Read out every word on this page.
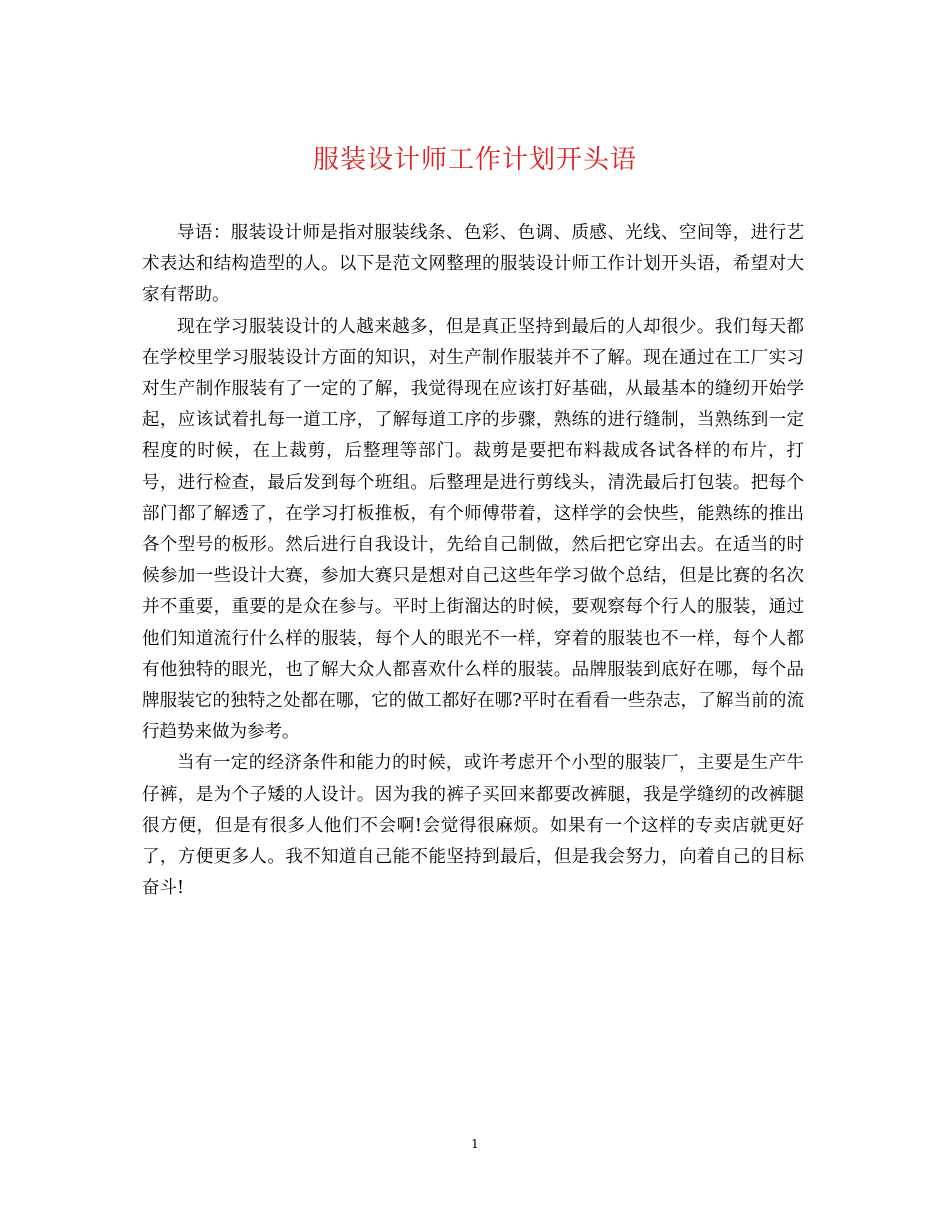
服装设计师工作计划开头语

导语：服装设计师是指对服装线条、色彩、色调、质感、光线、空间等，进行艺术表达和结构造型的人。以下是范文网整理的服装设计师工作计划开头语，希望对大家有帮助。

现在学习服装设计的人越来越多，但是真正坚持到最后的人却很少。我们每天都在学校里学习服装设计方面的知识，对生产制作服装并不了解。现在通过在工厂实习对生产制作服装有了一定的了解，我觉得现在应该打好基础，从最基本的缝纫开始学起，应该试着扎每一道工序，了解每道工序的步骤，熟练的进行缝制，当熟练到一定程度的时候，在上裁剪，后整理等部门。裁剪是要把布料裁成各试各样的布片，打号，进行检查，最后发到每个班组。后整理是进行剪线头，清洗最后打包装。把每个部门都了解透了，在学习打板推板，有个师傅带着，这样学的会快些，能熟练的推出各个型号的板形。然后进行自我设计，先给自己制做，然后把它穿出去。在适当的时候参加一些设计大赛，参加大赛只是想对自己这些年学习做个总结，但是比赛的名次并不重要，重要的是众在参与。平时上街溜达的时候，要观察每个行人的服装，通过他们知道流行什么样的服装，每个人的眼光不一样，穿着的服装也不一样，每个人都有他独特的眼光，也了解大众人都喜欢什么样的服装。品牌服装到底好在哪，每个品牌服装它的独特之处都在哪，它的做工都好在哪?平时在看看一些杂志，了解当前的流行趋势来做为参考。

当有一定的经济条件和能力的时候，或许考虑开个小型的服装厂，主要是生产牛仔裤，是为个子矮的人设计。因为我的裤子买回来都要改裤腿，我是学缝纫的改裤腿很方便，但是有很多人他们不会啊!会觉得很麻烦。如果有一个这样的专卖店就更好了，方便更多人。我不知道自己能不能坚持到最后，但是我会努力，向着自己的目标奋斗!

1
